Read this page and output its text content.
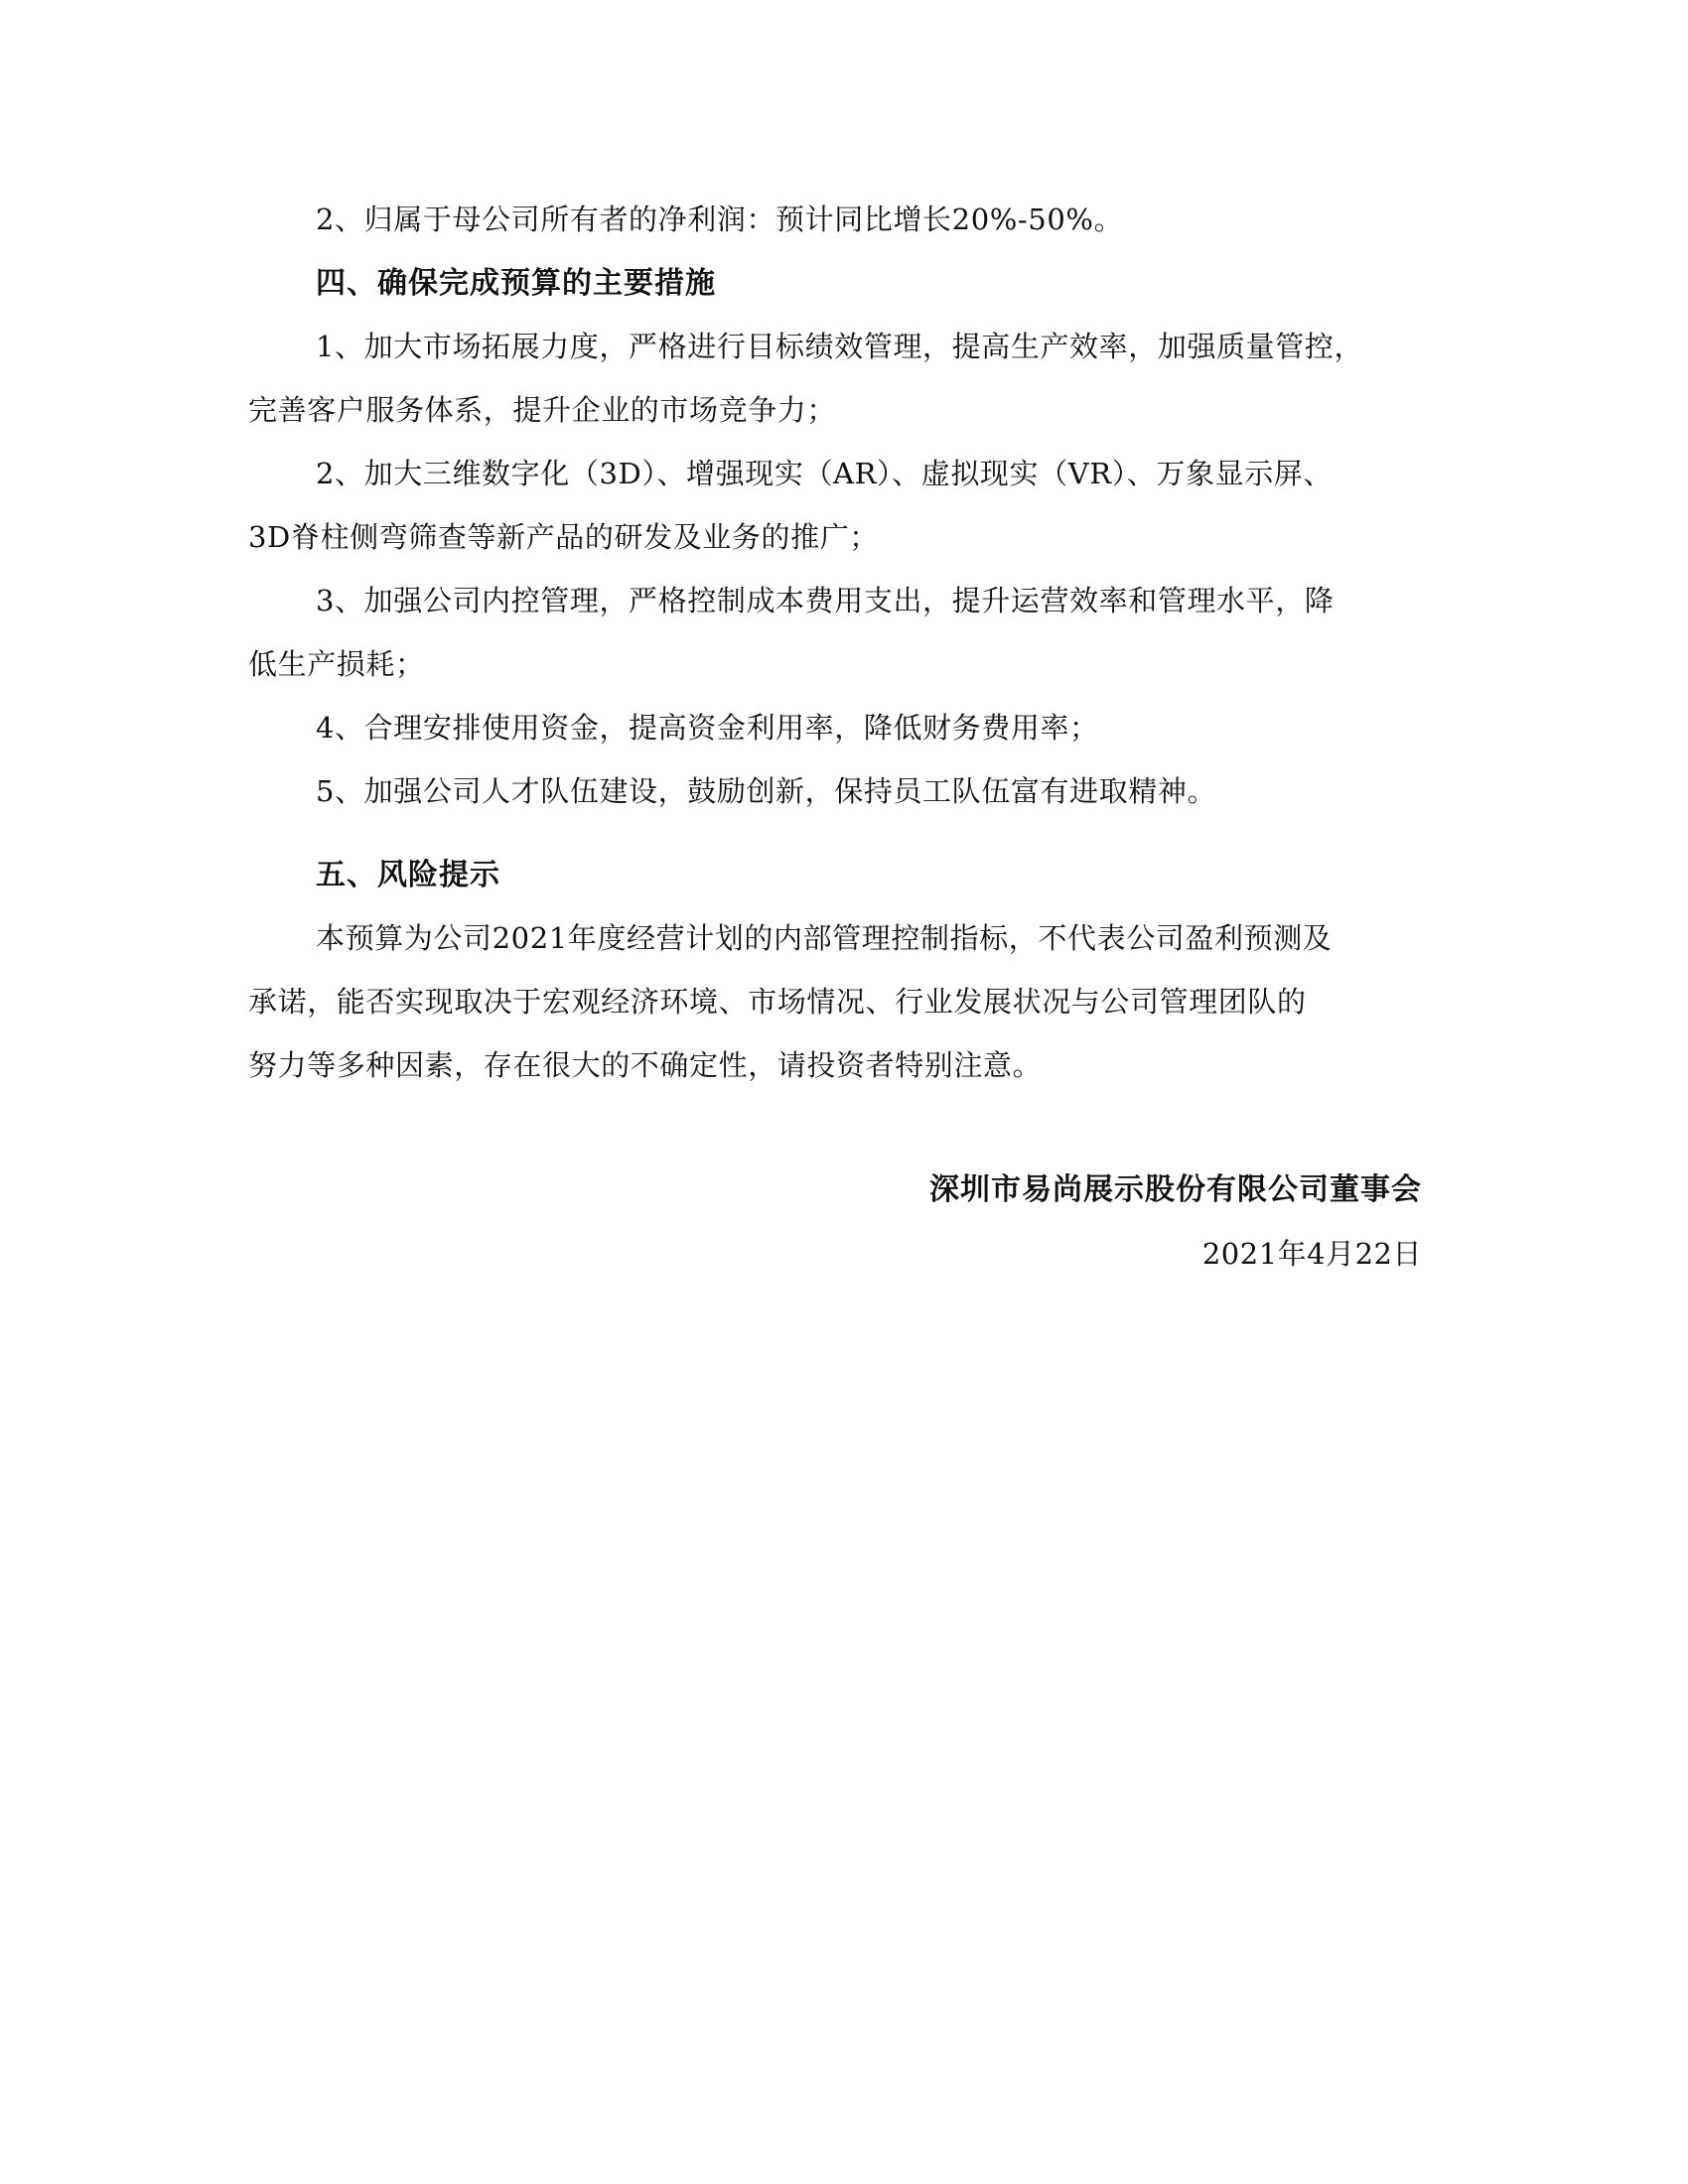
2、归属于母公司所有者的净利润：预计同比增长20%-50%。
四、确保完成预算的主要措施
1、加大市场拓展力度，严格进行目标绩效管理，提高生产效率，加强质量管控，
完善客户服务体系，提升企业的市场竞争力；
2、加大三维数字化（3D）、增强现实（AR）、虚拟现实（VR）、万象显示屏、
3D脊柱侧弯筛查等新产品的研发及业务的推广；
3、加强公司内控管理，严格控制成本费用支出，提升运营效率和管理水平，降
低生产损耗；
4、合理安排使用资金，提高资金利用率，降低财务费用率；
5、加强公司人才队伍建设，鼓励创新，保持员工队伍富有进取精神。
五、风险提示
本预算为公司2021年度经营计划的内部管理控制指标，不代表公司盈利预测及
承诺，能否实现取决于宏观经济环境、市场情况、行业发展状况与公司管理团队的
努力等多种因素，存在很大的不确定性，请投资者特别注意。
深圳市易尚展示股份有限公司董事会
2021年4月22日
